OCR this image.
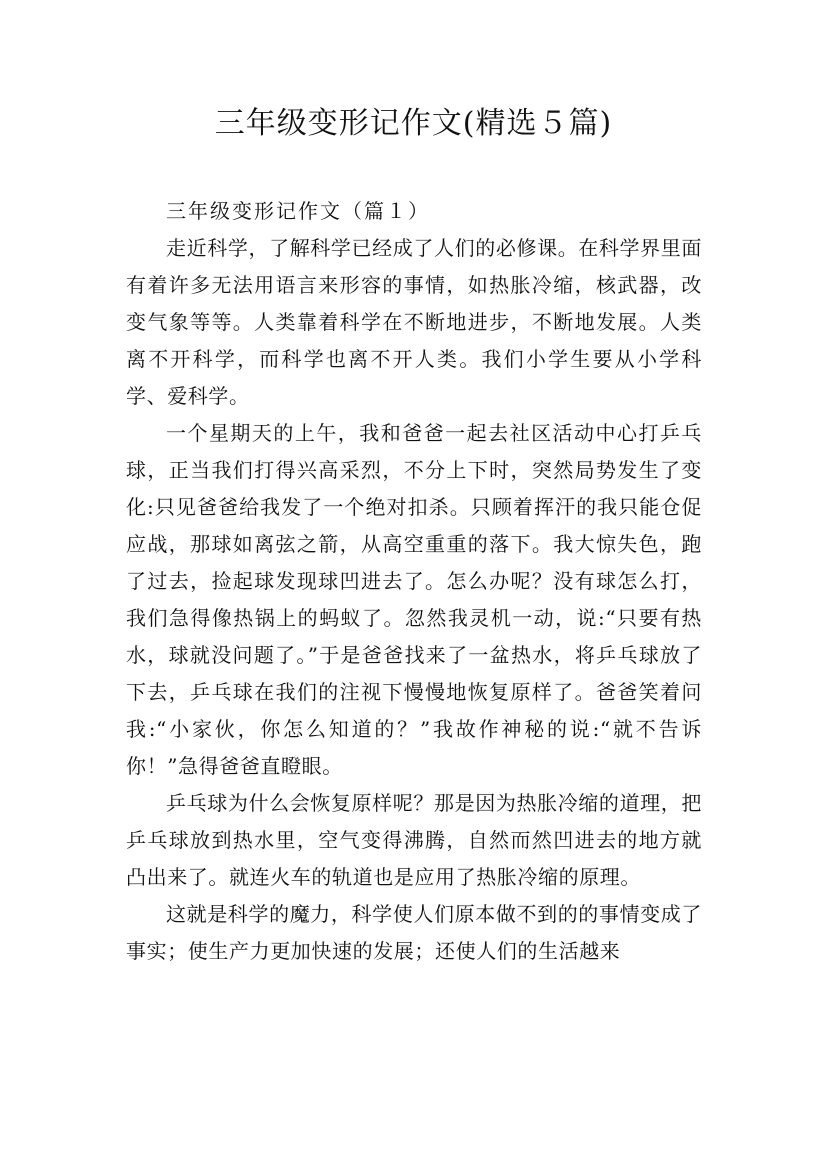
三年级变形记作文(精选５篇)

三年级变形记作文（篇１）

走近科学，了解科学已经成了人们的必修课。在科学界里面有着许多无法用语言来形容的事情，如热胀冷缩，核武器，改变气象等等。人类靠着科学在不断地进步，不断地发展。人类离不开科学，而科学也离不开人类。我们小学生要从小学科学、爱科学。

一个星期天的上午，我和爸爸一起去社区活动中心打乒乓球，正当我们打得兴高采烈，不分上下时，突然局势发生了变化:只见爸爸给我发了一个绝对扣杀。只顾着挥汗的我只能仓促应战，那球如离弦之箭，从高空重重的落下。我大惊失色，跑了过去，捡起球发现球凹进去了。怎么办呢？没有球怎么打，我们急得像热锅上的蚂蚁了。忽然我灵机一动，说:“只要有热水，球就没问题了。”于是爸爸找来了一盆热水，将乒乓球放了下去，乒乓球在我们的注视下慢慢地恢复原样了。爸爸笑着问我:“小家伙，你怎么知道的？”我故作神秘的说:“就不告诉你！”急得爸爸直瞪眼。

乒乓球为什么会恢复原样呢？那是因为热胀冷缩的道理，把乒乓球放到热水里，空气变得沸腾，自然而然凹进去的地方就凸出来了。就连火车的轨道也是应用了热胀冷缩的原理。

这就是科学的魔力，科学使人们原本做不到的的事情变成了事实；使生产力更加快速的发展；还使人们的生活越来
